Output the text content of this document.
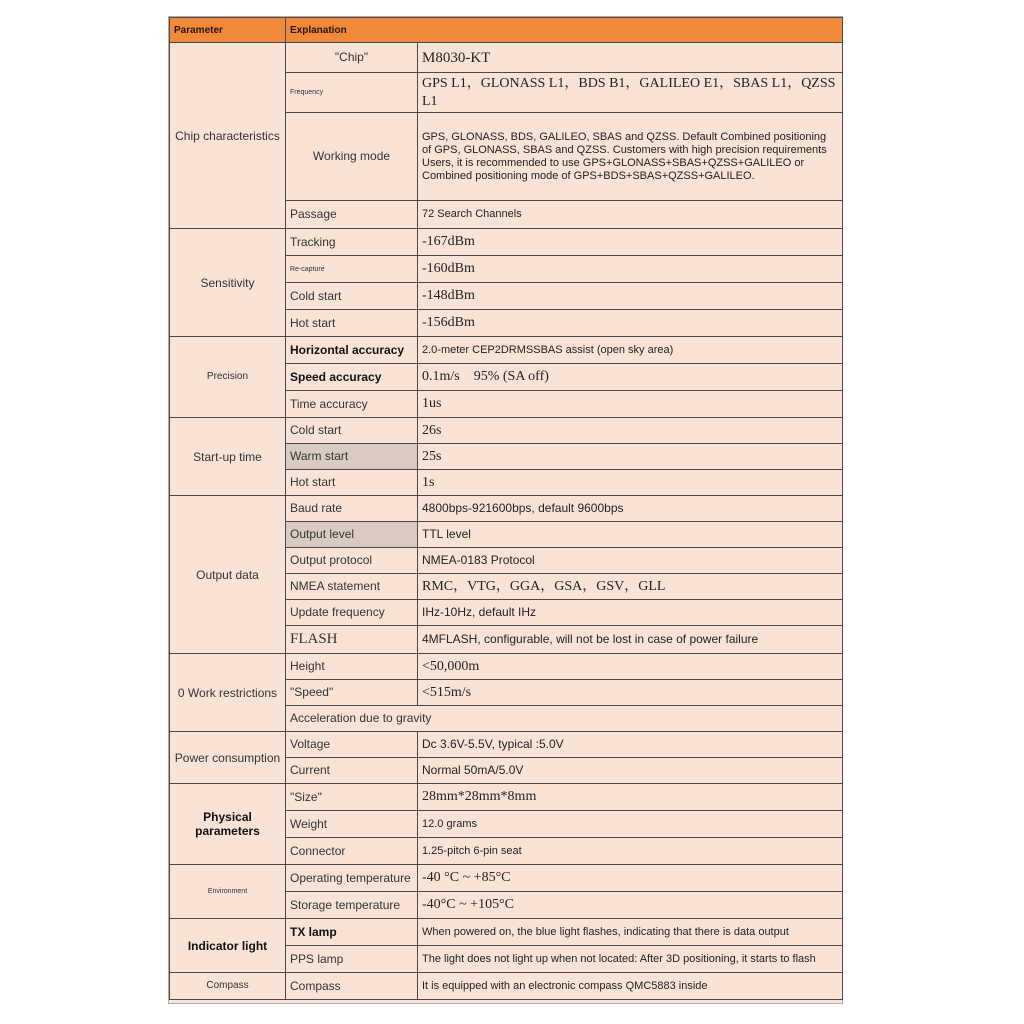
Parameter	Explanation	
Chip characteristics	"Chip"	M8030-KT
	Frequency	GPS L1，GLONASS L1，BDS B1，GALILEO E1，SBAS L1，QZSS L1
	Working mode	GPS, GLONASS, BDS, GALILEO, SBAS and QZSS. Default Combined positioning of GPS, GLONASS, SBAS and QZSS. Customers with high precision requirements Users, it is recommended to use GPS+GLONASS+SBAS+QZSS+GALILEO or Combined positioning mode of GPS+BDS+SBAS+QZSS+GALILEO.
	Passage	72 Search Channels
Sensitivity	Tracking	-167dBm
	Re-capture	-160dBm
	Cold start	-148dBm
	Hot start	-156dBm
Precision	Horizontal accuracy	2.0-meter CEP2DRMSSBAS assist (open sky area)
	Speed accuracy	0.1m/s　95% (SA off)
	Time accuracy	1us
Start-up time	Cold start	26s
	Warm start	25s
	Hot start	1s
Output data	Baud rate	4800bps-921600bps, default 9600bps
	Output level	TTL level
	Output protocol	NMEA-0183 Protocol
	NMEA statement	RMC，VTG，GGA，GSA，GSV，GLL
	Update frequency	IHz-10Hz, default IHz
	FLASH	4MFLASH, configurable, will not be lost in case of power failure
0 Work restrictions	Height	<50,000m
	"Speed"	<515m/s
	Acceleration due to gravity	
Power consumption	Voltage	Dc 3.6V-5.5V, typical :5.0V
	Current	Normal 50mA/5.0V
Physical parameters	"Size"	28mm*28mm*8mm
	Weight	12.0 grams
	Connector	1.25-pitch 6-pin seat
Environment	Operating temperature	-40 °C ~ +85°C
	Storage temperature	-40°C ~ +105°C
Indicator light	TX lamp	When powered on, the blue light flashes, indicating that there is data output
	PPS lamp	The light does not light up when not located: After 3D positioning, it starts to flash
Compass	Compass	It is equipped with an electronic compass QMC5883 inside
